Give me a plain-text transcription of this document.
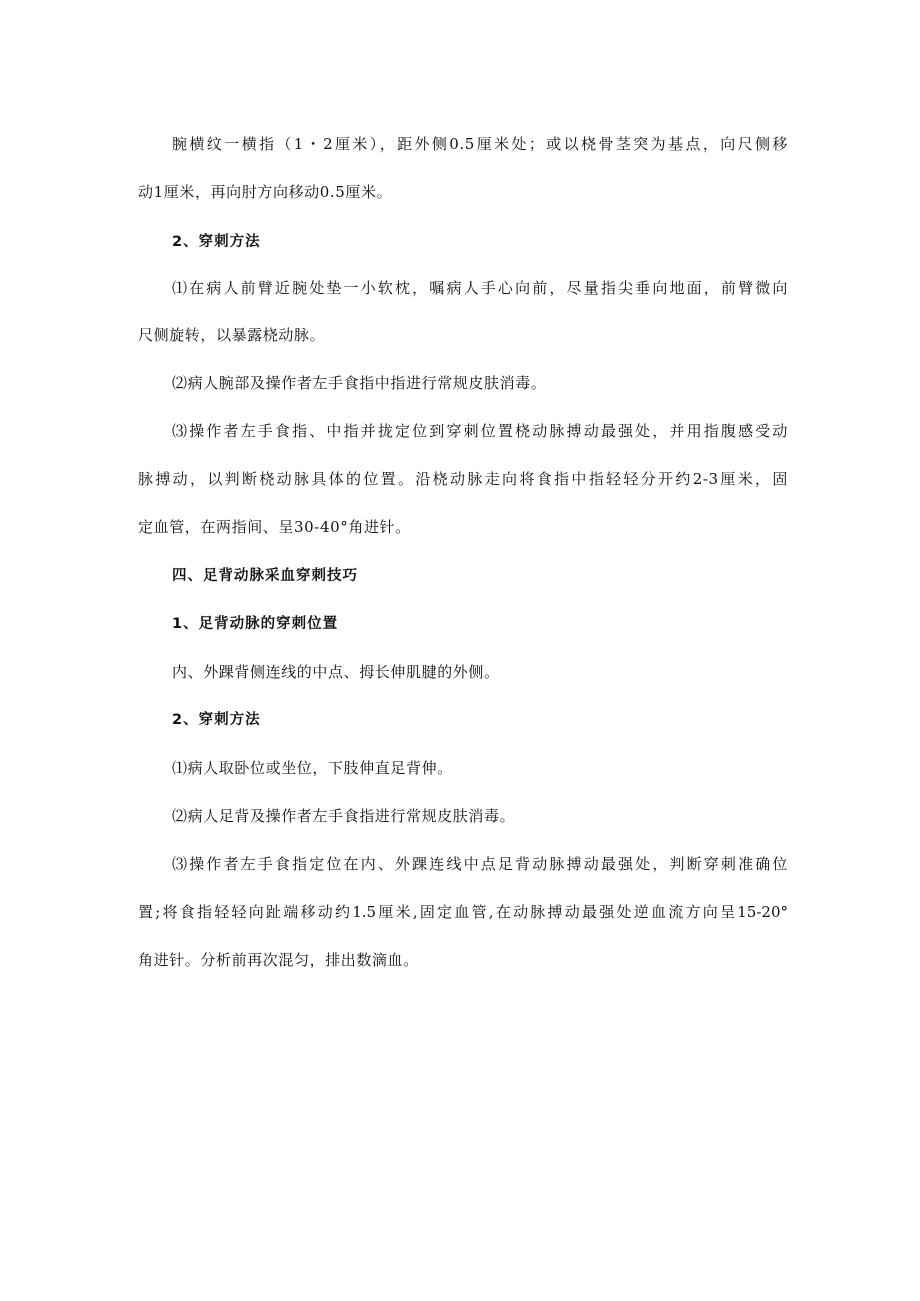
腕横纹一横指（1・2厘米），距外侧0.5厘米处；或以桡骨茎突为基点，向尺侧移
动1厘米，再向肘方向移动0.5厘米。
2、穿刺方法
⑴在病人前臂近腕处垫一小软枕，嘱病人手心向前，尽量指尖垂向地面，前臂微向
尺侧旋转，以暴露桡动脉。
⑵病人腕部及操作者左手食指中指进行常规皮肤消毒。
⑶操作者左手食指、中指并拢定位到穿刺位置桡动脉搏动最强处，并用指腹感受动
脉搏动，以判断桡动脉具体的位置。沿桡动脉走向将食指中指轻轻分开约2-3厘米，固
定血管，在两指间、呈30-40°角进针。
四、足背动脉采血穿刺技巧
1、足背动脉的穿刺位置
内、外踝背侧连线的中点、拇长伸肌腱的外侧。
2、穿刺方法
⑴病人取卧位或坐位，下肢伸直足背伸。
⑵病人足背及操作者左手食指进行常规皮肤消毒。
⑶操作者左手食指定位在内、外踝连线中点足背动脉搏动最强处，判断穿刺准确位
置;将食指轻轻向趾端移动约1.5厘米,固定血管,在动脉搏动最强处逆血流方向呈15-20°
角进针。分析前再次混匀，排出数滴血。
